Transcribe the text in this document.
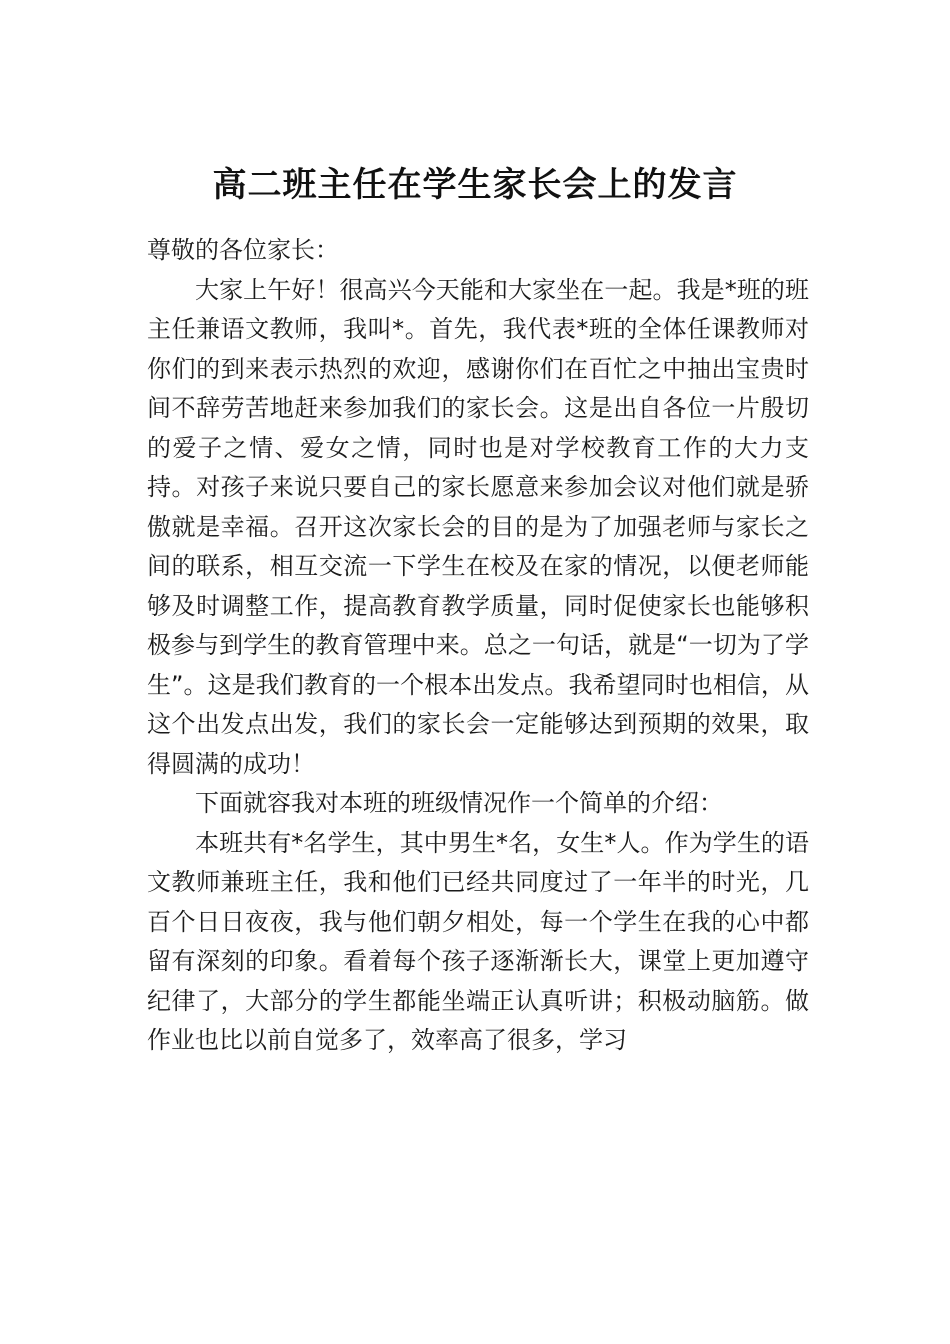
高二班主任在学生家长会上的发言

尊敬的各位家长：

大家上午好！很高兴今天能和大家坐在一起。我是*班的班主任兼语文教师，我叫*。首先，我代表*班的全体任课教师对你们的到来表示热烈的欢迎，感谢你们在百忙之中抽出宝贵时间不辞劳苦地赶来参加我们的家长会。这是出自各位一片殷切的爱子之情、爱女之情，同时也是对学校教育工作的大力支持。对孩子来说只要自己的家长愿意来参加会议对他们就是骄傲就是幸福。召开这次家长会的目的是为了加强老师与家长之间的联系，相互交流一下学生在校及在家的情况，以便老师能够及时调整工作，提高教育教学质量，同时促使家长也能够积极参与到学生的教育管理中来。总之一句话，就是“一切为了学生”。这是我们教育的一个根本出发点。我希望同时也相信，从这个出发点出发，我们的家长会一定能够达到预期的效果，取得圆满的成功！

下面就容我对本班的班级情况作一个简单的介绍：

本班共有*名学生，其中男生*名，女生*人。作为学生的语文教师兼班主任，我和他们已经共同度过了一年半的时光，几百个日日夜夜，我与他们朝夕相处，每一个学生在我的心中都留有深刻的印象。看着每个孩子逐渐渐长大，课堂上更加遵守纪律了，大部分的学生都能坐端正认真听讲；积极动脑筋。做作业也比以前自觉多了，效率高了很多，学习
